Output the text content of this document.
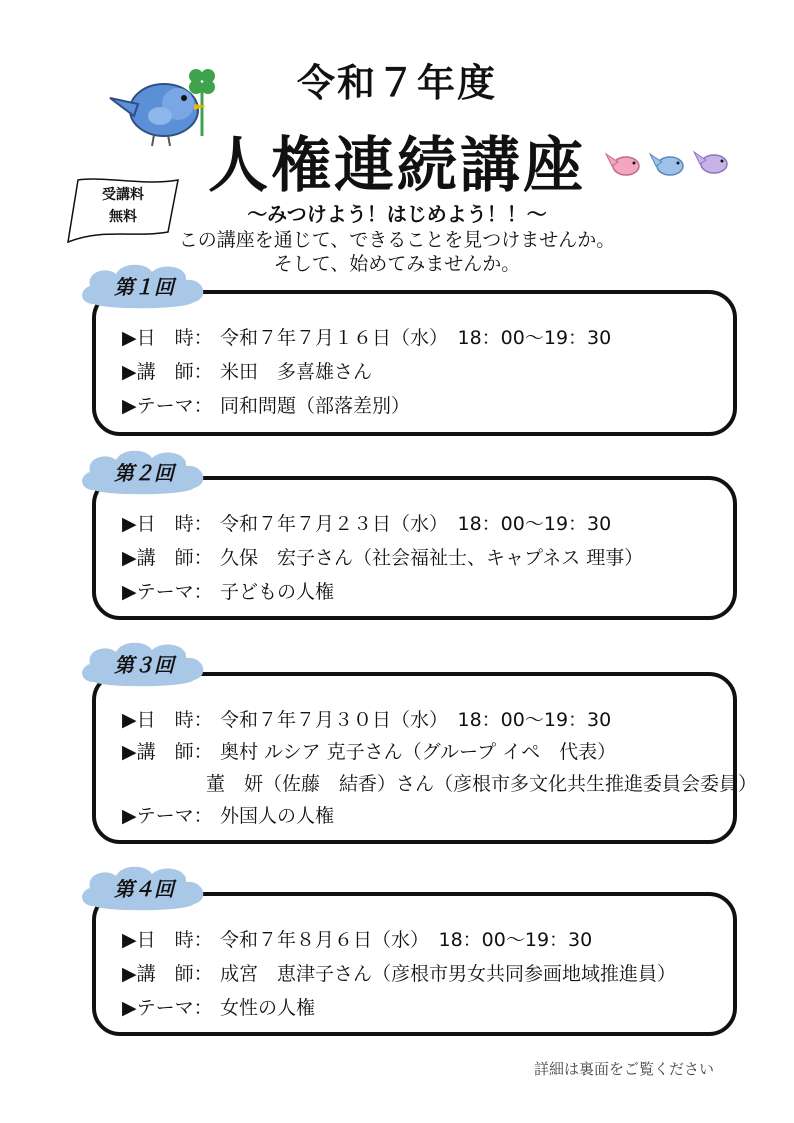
令和７年度
人権連続講座
～みつけよう！はじめよう！！～
この講座を通じて、できることを見つけませんか。
そして、始めてみませんか。
受講料
無料
▶日　時： 令和７年７月１６日（水）　18：00～19：30
▶講　師： 米田　多喜雄さん
▶テーマ： 同和問題（部落差別）
第１回
▶日　時： 令和７年７月２３日（水）　18：00～19：30
▶講　師： 久保　宏子さん（社会福祉士、キャプネス 理事）
▶テーマ： 子どもの人権
第２回
▶日　時： 令和７年７月３０日（水）　18：00～19：30
▶講　師： 奥村 ルシア 克子さん（グループ イペ　代表）
董　妍（佐藤　結香）さん（彦根市多文化共生推進委員会委員）
▶テーマ： 外国人の人権
第３回
▶日　時： 令和７年８月６日（水）　18：00～19：30
▶講　師： 成宮　恵津子さん（彦根市男女共同参画地域推進員）
▶テーマ： 女性の人権
第４回
詳細は裏面をご覧ください
